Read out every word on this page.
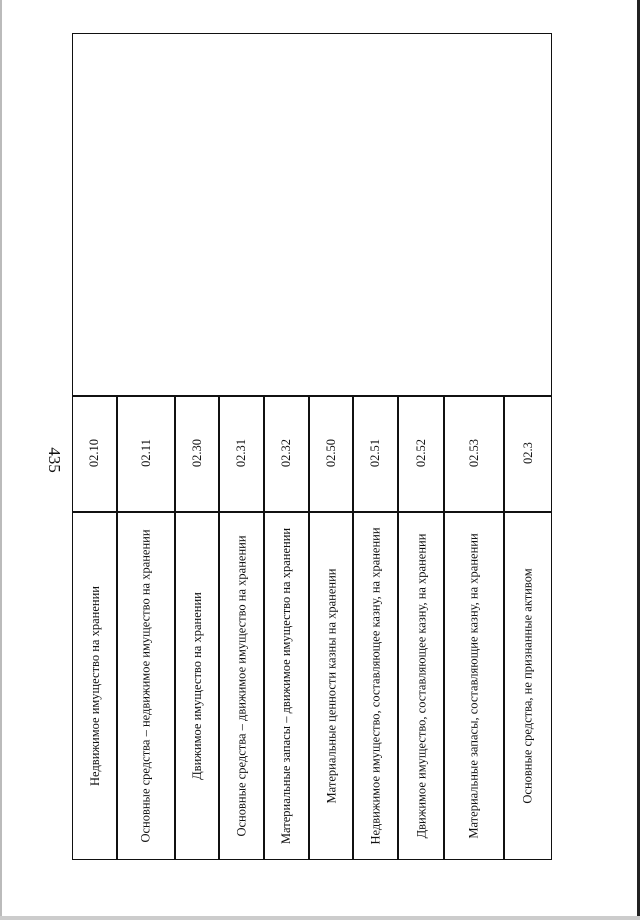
435 02.10
Недвижимое имущество на хранении
02.11
Основные средства – недвижимое имущество на хранении
02.30
Движимое имущество на хранении
02.31
Основные средства – движимое имущество на хранении
02.32
Материальные запасы – движимое имущество на хранении
02.50
Материальные ценности казны на хранении
02.51
Недвижимое имущество, составляющее казну, на хранении
02.52
Движимое имущество, составляющее казну, на хранении
02.53
Материальные запасы, составляющие казну, на хранении
02.3
Основные средства, не признанные активом
